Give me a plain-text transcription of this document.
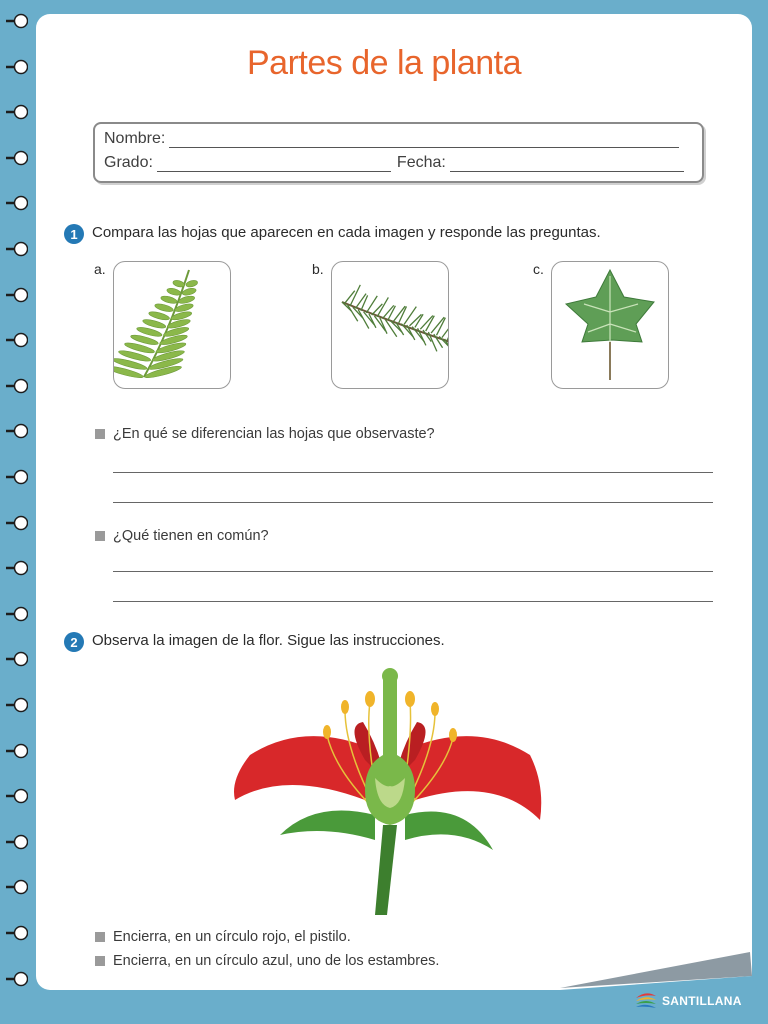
Partes de la planta
Nombre:
Grado:	Fecha:
1 Compara las hojas que aparecen en cada imagen y responde las preguntas.
a.	b.	c.
¿En qué se diferencian las hojas que observaste?
¿Qué tienen en común?
2 Observa la imagen de la flor. Sigue las instrucciones.
Encierra, en un círculo rojo, el pistilo.
Encierra, en un círculo azul, uno de los estambres.
SANTILLANA
